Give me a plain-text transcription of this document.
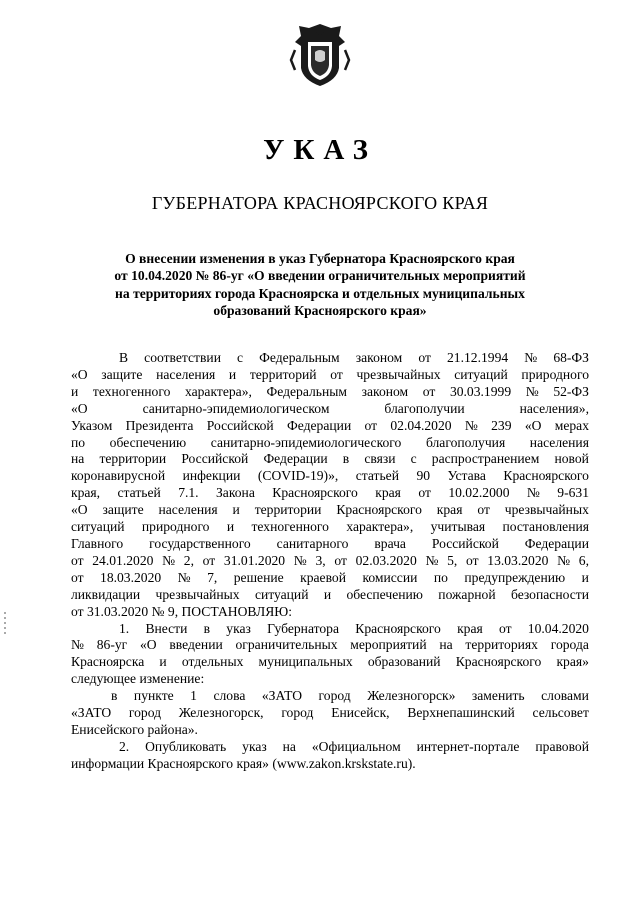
УКАЗ
ГУБЕРНАТОРА КРАСНОЯРСКОГО КРАЯ
О внесении изменения в указ Губернатора Красноярского края
от 10.04.2020 № 86-уг «О введении ограничительных мероприятий
на территориях города Красноярска и отдельных муниципальных
образований Красноярского края»
В соответствии с Федеральным законом от 21.12.1994 № 68-ФЗ
«О защите населения и территорий от чрезвычайных ситуаций природного
и техногенного характера», Федеральным законом от 30.03.1999 № 52-ФЗ
«О	санитарно-эпидемиологическом	благополучии	населения»,
Указом Президента Российской Федерации от 02.04.2020 № 239 «О мерах
по обеспечению санитарно-эпидемиологического благополучия населения
на территории Российской Федерации в связи с распространением новой
коронавирусной инфекции (COVID-19)», статьей 90 Устава Красноярского
края, статьей 7.1. Закона Красноярского края от 10.02.2000 № 9-631
«О защите населения и территории Красноярского края от чрезвычайных
ситуаций природного и техногенного характера», учитывая постановления
Главного государственного санитарного врача Российской Федерации
от 24.01.2020 № 2, от 31.01.2020 № 3, от 02.03.2020 № 5, от 13.03.2020 № 6,
от 18.03.2020 № 7, решение краевой комиссии по предупреждению и
ликвидации чрезвычайных ситуаций и обеспечению пожарной безопасности
от 31.03.2020 № 9, ПОСТАНОВЛЯЮ:
1. Внести в указ Губернатора Красноярского края от 10.04.2020
№ 86-уг «О введении ограничительных мероприятий на территориях города
Красноярска и отдельных муниципальных образований Красноярского края»
следующее изменение:
в пункте 1 слова «ЗАТО город Железногорск» заменить словами
«ЗАТО город Железногорск, город Енисейск, Верхнепашинский сельсовет
Енисейского района».
2. Опубликовать указ на «Официальном интернет-портале правовой
информации Красноярского края» (www.zakon.krskstate.ru).
